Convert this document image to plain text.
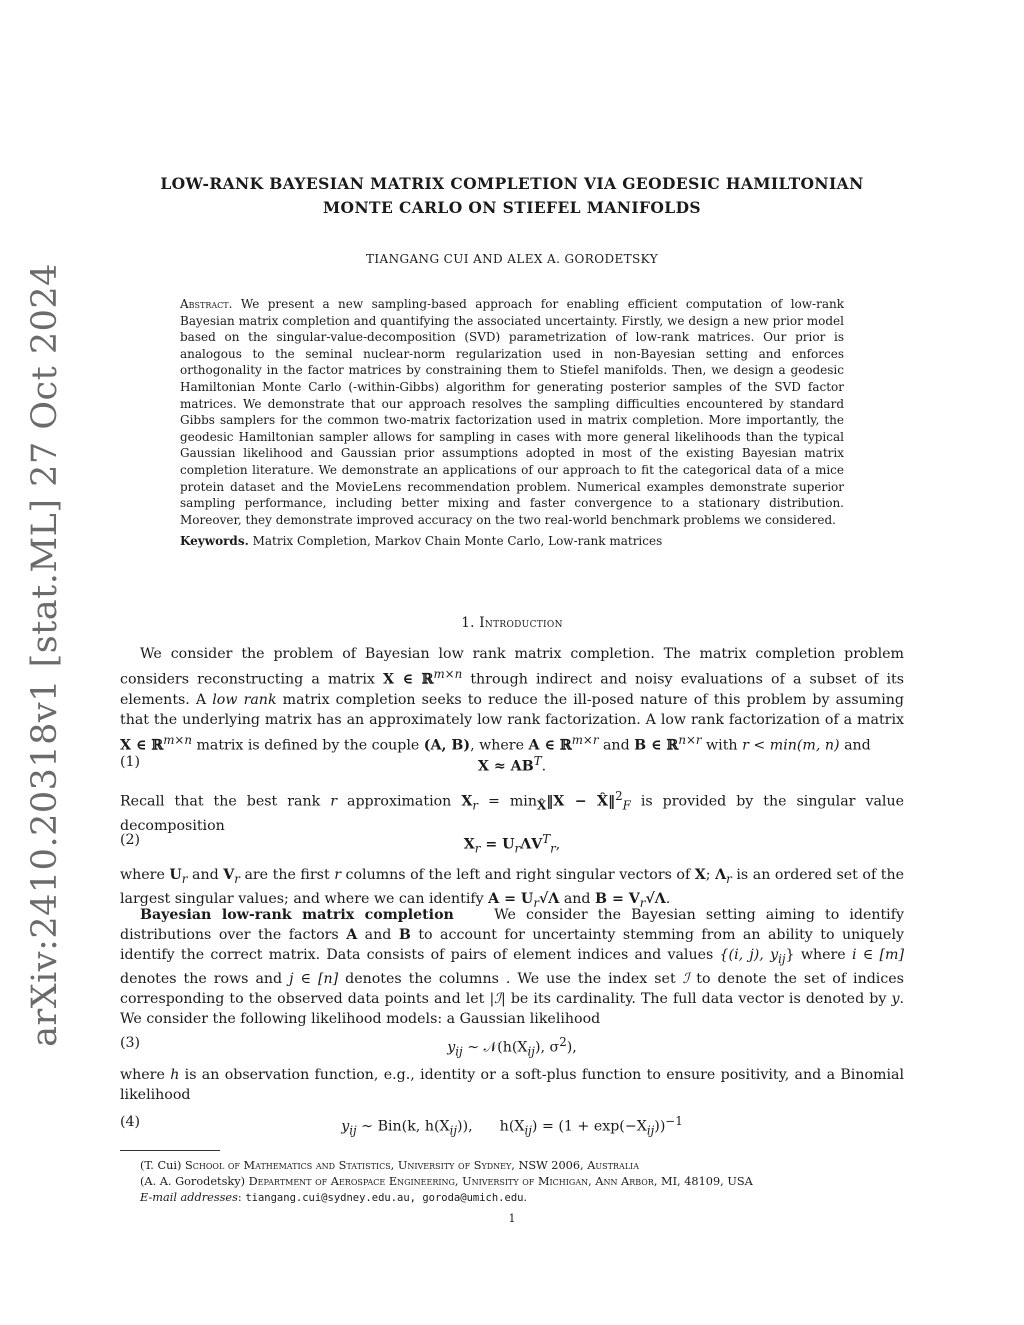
arXiv:2410.20318v1 [stat.ML] 27 Oct 2024
LOW-RANK BAYESIAN MATRIX COMPLETION VIA GEODESIC HAMILTONIAN
MONTE CARLO ON STIEFEL MANIFOLDS
TIANGANG CUI AND ALEX A. GORODETSKY
Abstract. We present a new sampling-based approach for enabling efficient computation of low-rank Bayesian matrix completion and quantifying the associated uncertainty. Firstly, we design a new prior model based on the singular-value-decomposition (SVD) parametrization of low-rank matrices. Our prior is analogous to the seminal nuclear-norm regularization used in non-Bayesian setting and enforces orthogonality in the factor matrices by constraining them to Stiefel manifolds. Then, we design a geodesic Hamiltonian Monte Carlo (-within-Gibbs) algorithm for generating posterior samples of the SVD factor matrices. We demonstrate that our approach resolves the sampling difficulties encountered by standard Gibbs samplers for the common two-matrix factorization used in matrix completion. More importantly, the geodesic Hamiltonian sampler allows for sampling in cases with more general likelihoods than the typical Gaussian likelihood and Gaussian prior assumptions adopted in most of the existing Bayesian matrix completion literature. We demonstrate an applications of our approach to fit the categorical data of a mice protein dataset and the MovieLens recommendation problem. Numerical examples demonstrate superior sampling performance, including better mixing and faster convergence to a stationary distribution. Moreover, they demonstrate improved accuracy on the two real-world benchmark problems we considered.
Keywords. Matrix Completion, Markov Chain Monte Carlo, Low-rank matrices
1. Introduction
We consider the problem of Bayesian low rank matrix completion. The matrix completion problem considers reconstructing a matrix X ∈ ℝ$^{m\times n}$ through indirect and noisy evaluations of a subset of its elements. A low rank matrix completion seeks to reduce the ill-posed nature of this problem by assuming that the underlying matrix has an approximately low rank factorization. A low rank factorization of a matrix X ∈ ℝ$^{m\times n}$ matrix is defined by the couple (A, B), where A ∈ ℝ$^{m\times r}$ and B ∈ ℝ$^{n\times r}$ with r < min(m, n) and
(1)	$X \approx AB^T$.
Recall that the best rank r approximation $X_r$ = $\min_{X̂}‖X$ − X̂‖$^2_F$ is provided by the singular value decomposition
(2)	$X_r = U_r\Lambda V^T_r$,
where $U_r$ and $V_r$ are the first r columns of the left and right singular vectors of X; $\Lambda_r$ is an ordered set of the largest singular values; and where we can identify $A = U_r√\Lambda$ and $B = V_r√\Lambda$.
Bayesian low-rank matrix completion	We consider the Bayesian setting aiming to identify distributions over the factors A and B to account for uncertainty stemming from an ability to uniquely identify the correct matrix. Data consists of pairs of element indices and values {(i, j), $y_{ij}$} where i ∈ [m] denotes the rows and j ∈ [n] denotes the columns . We use the index set ℐ to denote the set of indices corresponding to the observed data points and let |ℐ| be its cardinality. The full data vector is denoted by y. We consider the following likelihood models: a Gaussian likelihood
(3)	$y_{ij}$ ∼ $𝒩(h(X_{ij})$, $\sigma^2$),
where h is an observation function, e.g., identity or a soft-plus function to ensure positivity, and a Binomial likelihood
(4)	$y_{ij}$ ∼ Bin(k, $h(X_{ij})$),      $h(X_{ij}) = (1 + \exp(-X_{ij}))^{-1}$
(T. Cui) School of Mathematics and Statistics, University of Sydney, NSW 2006, Australia
(A. A. Gorodetsky) Department of Aerospace Engineering, University of Michigan, Ann Arbor, MI, 48109, USA
E-mail addresses: tiangang.cui@sydney.edu.au, goroda@umich.edu.
1
